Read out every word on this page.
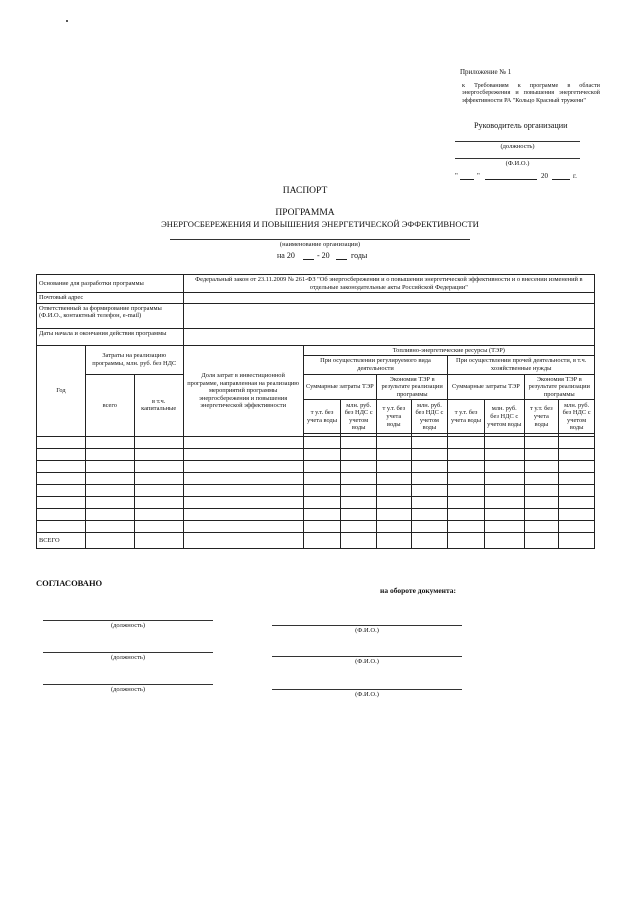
Приложение № 1
к Требованиям к программе в области энергосбережения и повышения энергетической эффективности РА "Кольцо Красный тружени"
Руководитель организации
(должность)
(Ф.И.О.)
"	"	20	г.
ПАСПОРТ
ПРОГРАММА
ЭНЕРГОСБЕРЕЖЕНИЯ И ПОВЫШЕНИЯ ЭНЕРГЕТИЧЕСКОЙ ЭФФЕКТИВНОСТИ
(наименование организации)
на 20	- 20	годы
Основание для разработки программы			Федеральный закон от 23.11.2009 № 261-ФЗ "Об энергосбережении и о повышении энергетической эффективности и о внесении изменений в отдельные законодательные акты Российской Федерации"								
Почтовый адрес											
Ответственный за формирование программы (Ф.И.О., контактный телефон, e-mail)											
Даты начала и окончания действия программы											
Год	Затраты на реализацию программы, млн. руб. без НДС		Доля затрат в инвестиционной программе, направленная на реализацию мероприятий программы энергосбережения и повышения энергетической эффективности	Топливно-энергетические ресурсы (ТЭР)							
				При осуществлении регулируемого вида деятельности				При осуществлении прочей деятельности, в т.ч. хозяйственные нужды			
	всего	в т.ч. капитальные		Суммарные затраты ТЭР		Экономия ТЭР в результате реализации программы		Суммарные затраты ТЭР		Экономия ТЭР в результате реализации программы	
				т у.т. без учета воды	млн. руб. без НДС с учетом воды	т у.т. без учета воды	млн. руб. без НДС с учетом воды	т у.т. без учета воды	млн. руб. без НДС с учетом воды	т у.т. без учета воды	млн. руб. без НДС с учетом воды

ВСЕГО											
СОГЛАСОВАНО
на обороте документа:
(должность)
(Ф.И.О.)
(должность)
(Ф.И.О.)
(должность)
(Ф.И.О.)
